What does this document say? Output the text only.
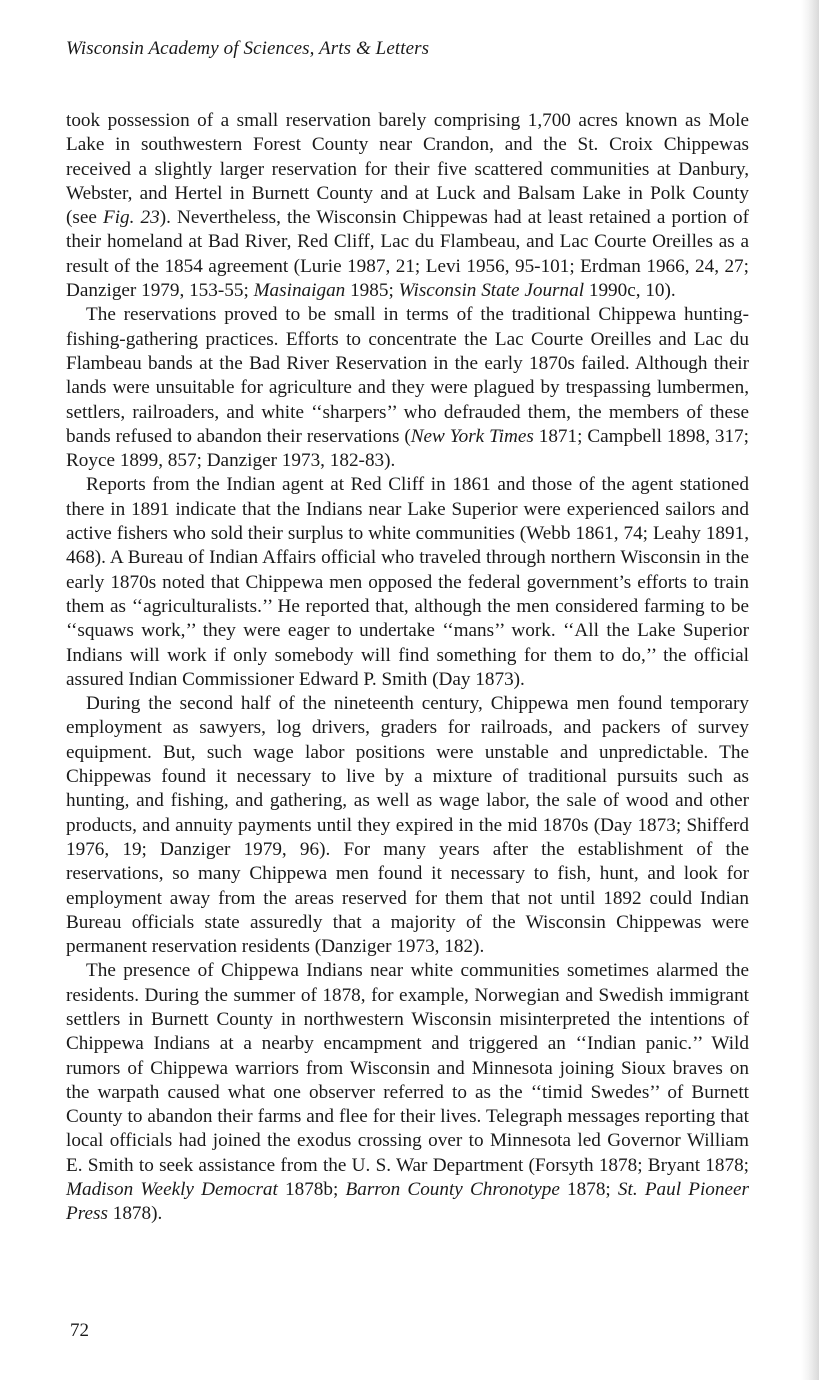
Wisconsin Academy of Sciences, Arts & Letters

took possession of a small reservation barely comprising 1,700 acres known as Mole Lake in southwestern Forest County near Crandon, and the St. Croix Chippewas received a slightly larger reservation for their five scattered communities at Danbury, Webster, and Hertel in Burnett County and at Luck and Balsam Lake in Polk County (see Fig. 23). Nevertheless, the Wisconsin Chippewas had at least retained a portion of their homeland at Bad River, Red Cliff, Lac du Flambeau, and Lac Courte Oreilles as a result of the 1854 agreement (Lurie 1987, 21; Levi 1956, 95-101; Erdman 1966, 24, 27; Danziger 1979, 153-55; Masinaigan 1985; Wisconsin State Journal 1990c, 10).

The reservations proved to be small in terms of the traditional Chippewa hunting-fishing-gathering practices. Efforts to concentrate the Lac Courte Oreilles and Lac du Flambeau bands at the Bad River Reservation in the early 1870s failed. Although their lands were unsuitable for agriculture and they were plagued by trespassing lumbermen, settlers, railroaders, and white ‘‘sharpers’’ who defrauded them, the members of these bands refused to abandon their reservations (New York Times 1871; Campbell 1898, 317; Royce 1899, 857; Danziger 1973, 182-83).

Reports from the Indian agent at Red Cliff in 1861 and those of the agent stationed there in 1891 indicate that the Indians near Lake Superior were experienced sailors and active fishers who sold their surplus to white communities (Webb 1861, 74; Leahy 1891, 468). A Bureau of Indian Affairs official who traveled through northern Wisconsin in the early 1870s noted that Chippewa men opposed the federal government’s efforts to train them as ‘‘agriculturalists.’’ He reported that, although the men considered farming to be ‘‘squaws work,’’ they were eager to undertake ‘‘mans’’ work. ‘‘All the Lake Superior Indians will work if only somebody will find something for them to do,’’ the official assured Indian Commissioner Edward P. Smith (Day 1873).

During the second half of the nineteenth century, Chippewa men found temporary employment as sawyers, log drivers, graders for railroads, and packers of survey equipment. But, such wage labor positions were unstable and unpredictable. The Chippewas found it necessary to live by a mixture of traditional pursuits such as hunting, and fishing, and gathering, as well as wage labor, the sale of wood and other products, and annuity payments until they expired in the mid 1870s (Day 1873; Shifferd 1976, 19; Danziger 1979, 96). For many years after the establishment of the reservations, so many Chippewa men found it necessary to fish, hunt, and look for employment away from the areas reserved for them that not until 1892 could Indian Bureau officials state assuredly that a majority of the Wisconsin Chippewas were permanent reservation residents (Danziger 1973, 182).

The presence of Chippewa Indians near white communities sometimes alarmed the residents. During the summer of 1878, for example, Norwegian and Swedish immigrant settlers in Burnett County in northwestern Wisconsin misinterpreted the intentions of Chippewa Indians at a nearby encampment and triggered an ‘‘Indian panic.’’ Wild rumors of Chippewa warriors from Wisconsin and Minnesota joining Sioux braves on the warpath caused what one observer referred to as the ‘‘timid Swedes’’ of Burnett County to abandon their farms and flee for their lives. Telegraph messages reporting that local officials had joined the exodus crossing over to Minnesota led Governor William E. Smith to seek assistance from the U. S. War Department (Forsyth 1878; Bryant 1878; Madison Weekly Democrat 1878b; Barron County Chronotype 1878; St. Paul Pioneer Press 1878).

72
